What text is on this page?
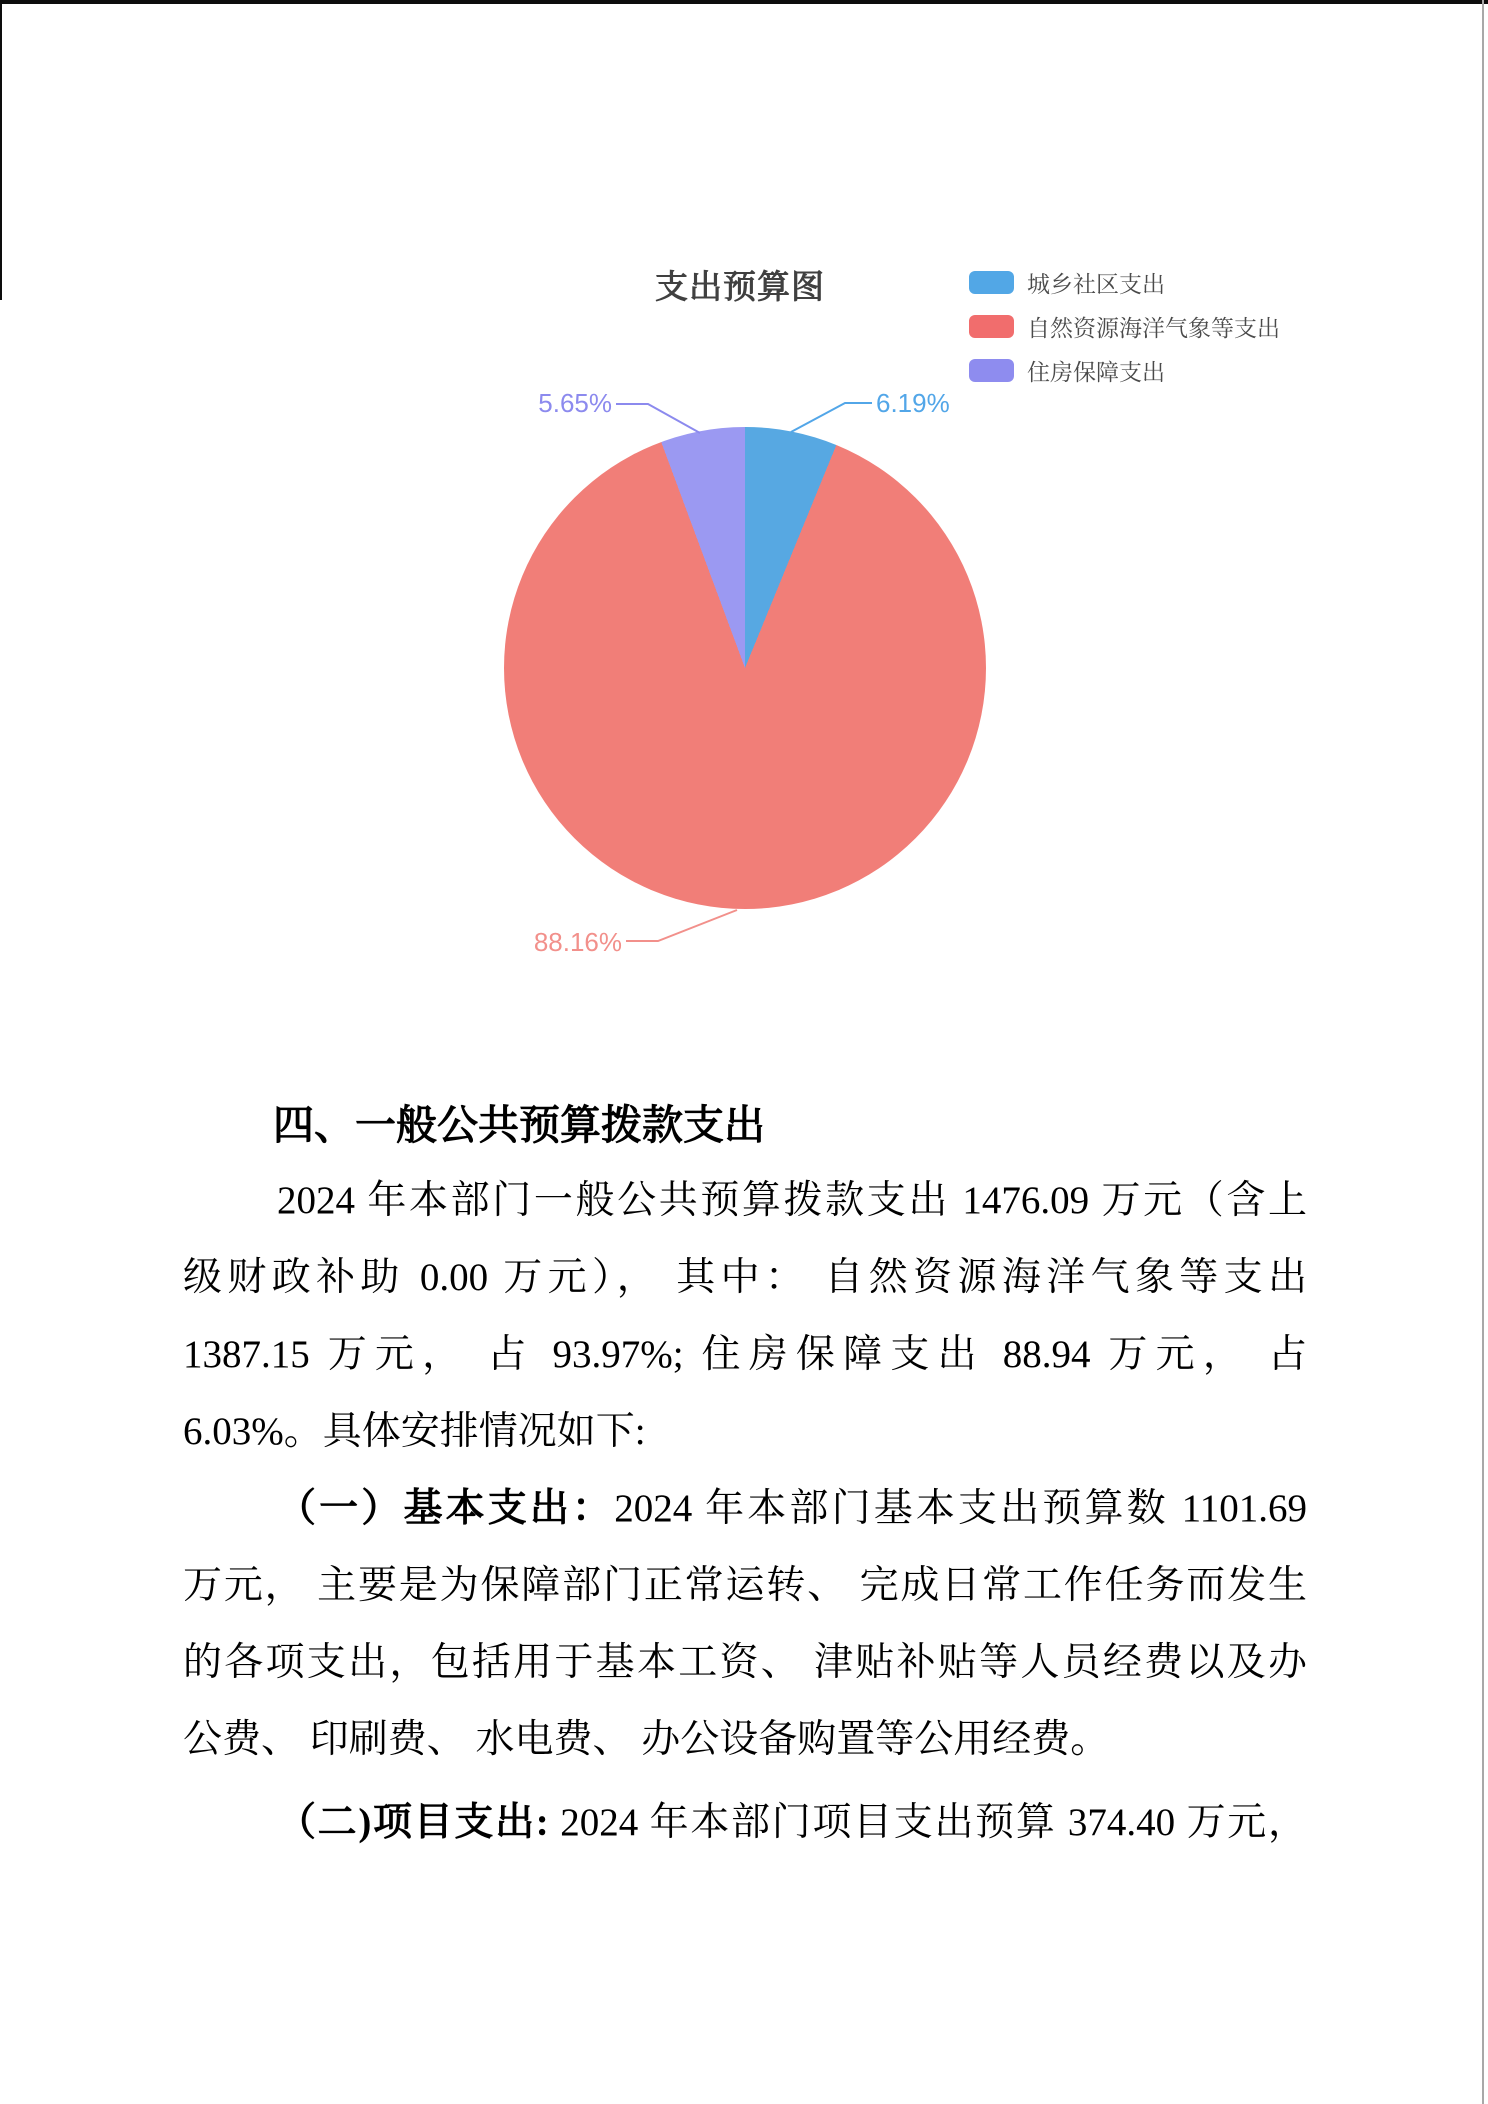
支出预算图	城乡社区支出
自然资源海洋气象等支出
住房保障支出
5.65%	6.19%
88.16%
四、一般公共预算拨款支出
2024 年本部门一般公共预算拨款支出 1476.09 万元（含上
级财政补助 0.00 万元）， 其中： 自然资源海洋气象等支出
1387.15 万元， 占 93.97%; 住房保障支出 88.94 万元， 占
6.03%。具体安排情况如下:
（一）基本支出：2024 年本部门基本支出预算数 1101.69
万元， 主要是为保障部门正常运转、 完成日常工作任务而发生
的各项支出，包括用于基本工资、 津贴补贴等人员经费以及办
公费、 印刷费、 水电费、 办公设备购置等公用经费。
（二)项目支出: 2024 年本部门项目支出预算 374.40 万元，
